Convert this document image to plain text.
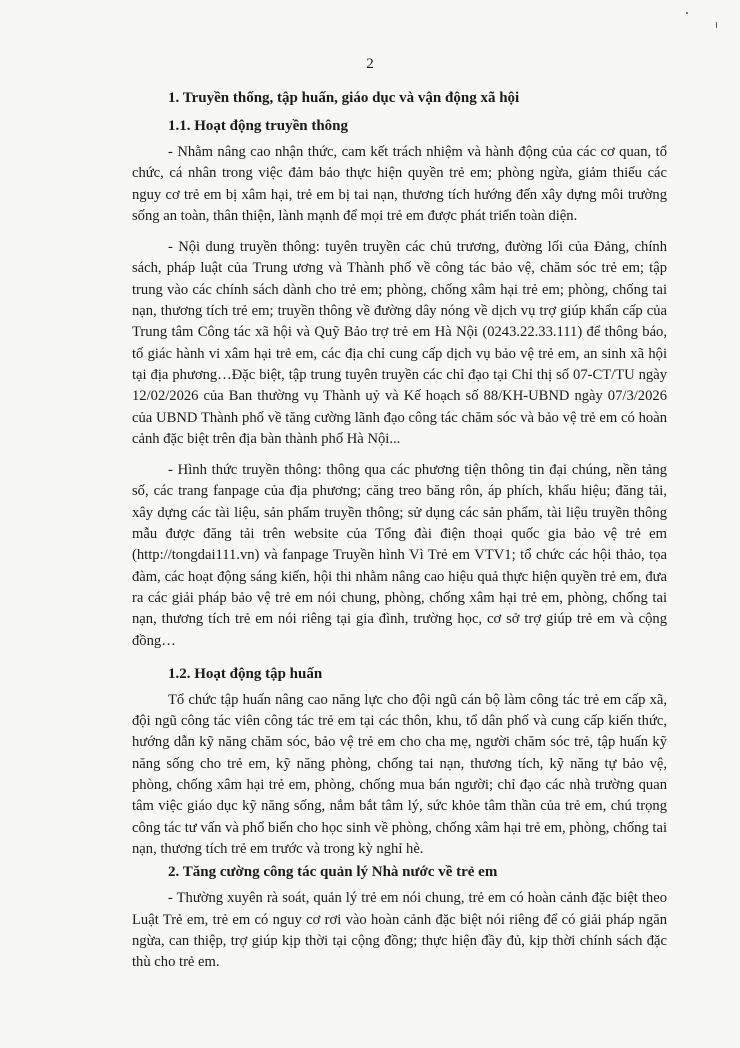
2
1. Truyền thống, tập huấn, giáo dục và vận động xã hội
1.1. Hoạt động truyền thông

- Nhằm nâng cao nhận thức, cam kết trách nhiệm và hành động của các cơ quan, tổ chức, cá nhân trong việc đảm bảo thực hiện quyền trẻ em; phòng ngừa, giảm thiểu các nguy cơ trẻ em bị xâm hại, trẻ em bị tai nạn, thương tích hướng đến xây dựng môi trường sống an toàn, thân thiện, lành mạnh để mọi trẻ em được phát triển toàn diện.

- Nội dung truyền thông: tuyên truyền các chủ trương, đường lối của Đảng, chính sách, pháp luật của Trung ương và Thành phố về công tác bảo vệ, chăm sóc trẻ em; tập trung vào các chính sách dành cho trẻ em; phòng, chống xâm hại trẻ em; phòng, chống tai nạn, thương tích trẻ em; truyền thông về đường dây nóng về dịch vụ trợ giúp khẩn cấp của Trung tâm Công tác xã hội và Quỹ Bảo trợ trẻ em Hà Nội (0243.22.33.111) để thông báo, tố giác hành vi xâm hại trẻ em, các địa chỉ cung cấp dịch vụ bảo vệ trẻ em, an sinh xã hội tại địa phương…Đặc biệt, tập trung tuyên truyền các chỉ đạo tại Chỉ thị số 07-CT/TU ngày 12/02/2026 của Ban thường vụ Thành uỷ và Kế hoạch số 88/KH-UBND ngày 07/3/2026 của UBND Thành phố về tăng cường lãnh đạo công tác chăm sóc và bảo vệ trẻ em có hoàn cảnh đặc biệt trên địa bàn thành phố Hà Nội...

- Hình thức truyền thông: thông qua các phương tiện thông tin đại chúng, nền tảng số, các trang fanpage của địa phương; căng treo băng rôn, áp phích, khẩu hiệu; đăng tải, xây dựng các tài liệu, sản phẩm truyền thông; sử dụng các sản phẩm, tài liệu truyền thông mẫu được đăng tải trên website của Tổng đài điện thoại quốc gia bảo vệ trẻ em (http://tongdai111.vn) và fanpage Truyền hình Vì Trẻ em VTV1; tổ chức các hội thảo, tọa đàm, các hoạt động sáng kiến, hội thi nhằm nâng cao hiệu quả thực hiện quyền trẻ em, đưa ra các giải pháp bảo vệ trẻ em nói chung, phòng, chống xâm hại trẻ em, phòng, chống tai nạn, thương tích trẻ em nói riêng tại gia đình, trường học, cơ sở trợ giúp trẻ em và cộng đồng…

1.2. Hoạt động tập huấn

Tổ chức tập huấn nâng cao năng lực cho đội ngũ cán bộ làm công tác trẻ em cấp xã, đội ngũ công tác viên công tác trẻ em tại các thôn, khu, tổ dân phố và cung cấp kiến thức, hướng dẫn kỹ năng chăm sóc, bảo vệ trẻ em cho cha mẹ, người chăm sóc trẻ, tập huấn kỹ năng sống cho trẻ em, kỹ năng phòng, chống tai nạn, thương tích, kỹ năng tự bảo vệ, phòng, chống xâm hại trẻ em, phòng, chống mua bán người; chỉ đạo các nhà trường quan tâm việc giáo dục kỹ năng sống, nắm bắt tâm lý, sức khỏe tâm thần của trẻ em, chú trọng công tác tư vấn và phổ biến cho học sinh về phòng, chống xâm hại trẻ em, phòng, chống tai nạn, thương tích trẻ em trước và trong kỳ nghỉ hè.

2. Tăng cường công tác quản lý Nhà nước về trẻ em

- Thường xuyên rà soát, quản lý trẻ em nói chung, trẻ em có hoàn cảnh đặc biệt theo Luật Trẻ em, trẻ em có nguy cơ rơi vào hoàn cảnh đặc biệt nói riêng để có giải pháp ngăn ngừa, can thiệp, trợ giúp kịp thời tại cộng đồng; thực hiện đầy đủ, kịp thời chính sách đặc thù cho trẻ em.
